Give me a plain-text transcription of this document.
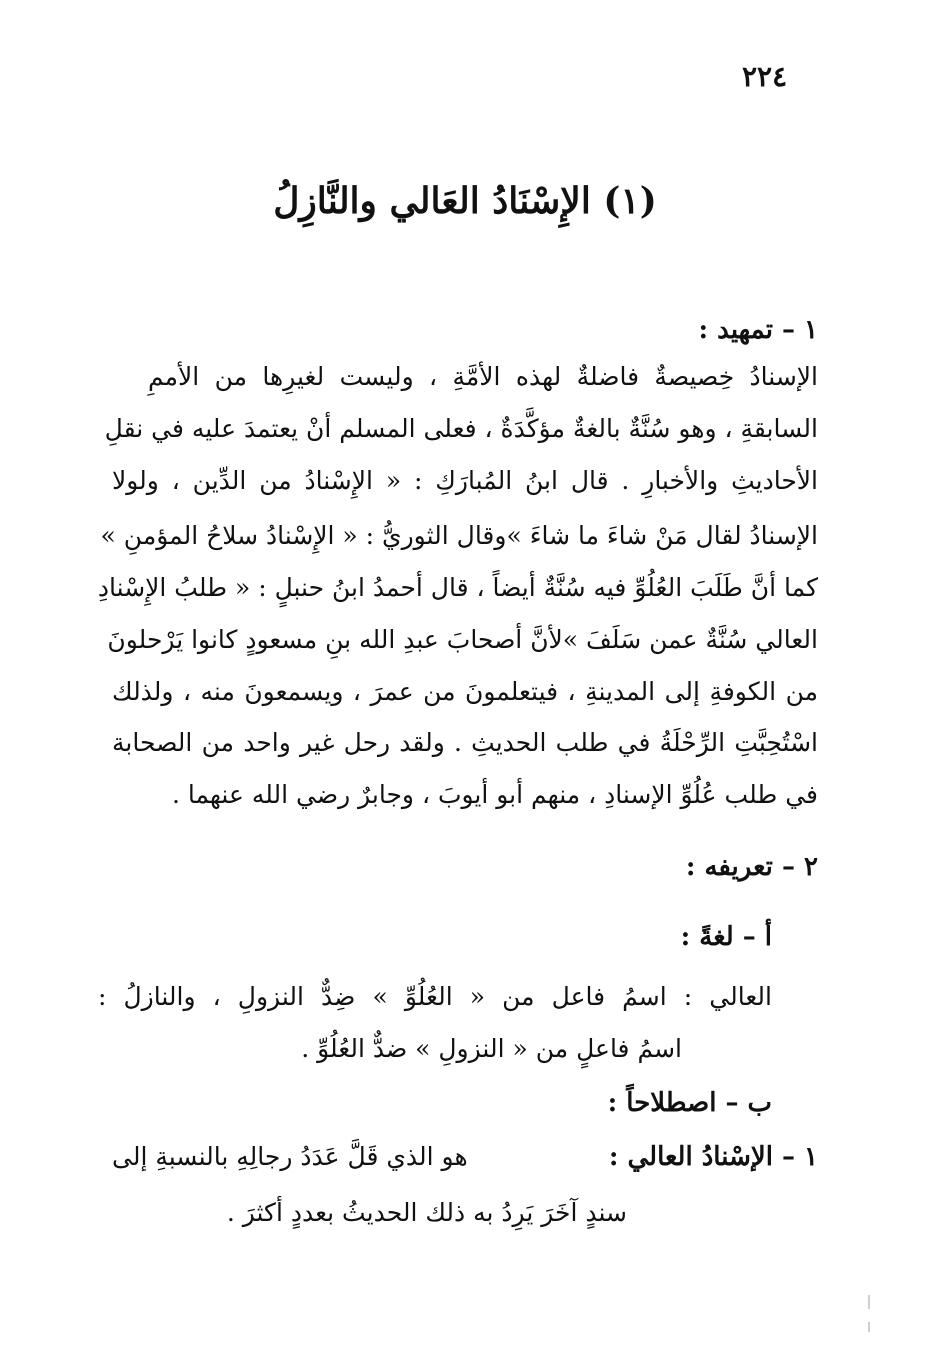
٢٢٤
(١) الإِسْنَادُ العَالي والنَّازِلُ
١ – تمهيد :
الإسنادُ خِصيصةٌ فاضلةٌ لهذه الأمَّةِ ، وليست لغيرِها من الأممِ
السابقةِ ، وهو سُنَّةٌ بالغةٌ مؤكَّدَةٌ ، فعلى المسلم أنْ يعتمدَ عليه في نقلِ
الأحاديثِ والأخبارِ . قال ابنُ المُبارَكِ : « الإِسْنادُ من الدِّين ، ولولا
الإسنادُ لقال مَنْ شاءَ ما شاءَ »وقال الثوريُّ : « الإِسْنادُ سلاحُ المؤمنِ »
كما أنَّ طَلَبَ العُلُوِّ فيه سُنَّةٌ أيضاً ، قال أحمدُ ابنُ حنبلٍ : « طلبُ الإِسْنادِ
العالي سُنَّةٌ عمن سَلَفَ »لأنَّ أصحابَ عبدِ الله بنِ مسعودٍ كانوا يَرْحلونَ
من الكوفةِ إلى المدينةِ ، فيتعلمونَ من عمرَ ، ويسمعونَ منه ، ولذلك
اسْتُحِبَّتِ الرِّحْلَةُ في طلب الحديثِ . ولقد رحل غير واحد من الصحابة
في طلب عُلُوِّ الإسنادِ ، منهم أبو أيوبَ ، وجابرٌ رضي الله عنهما .
٢ – تعريفه :
أ – لغةً :
العالي : اسمُ فاعل من « العُلُوِّ » ضِدٌّ النزولِ ، والنازلُ :
اسمُ فاعلٍ من « النزولِ » ضدٌّ العُلُوِّ .
ب – اصطلاحاً :
١ – الإسْنادُ العالي :
هو الذي قَلَّ عَدَدُ رجالِهِ بالنسبةِ إلى
سندٍ آخَرَ يَرِدُ به ذلك الحديثُ بعددٍ أكثرَ .
